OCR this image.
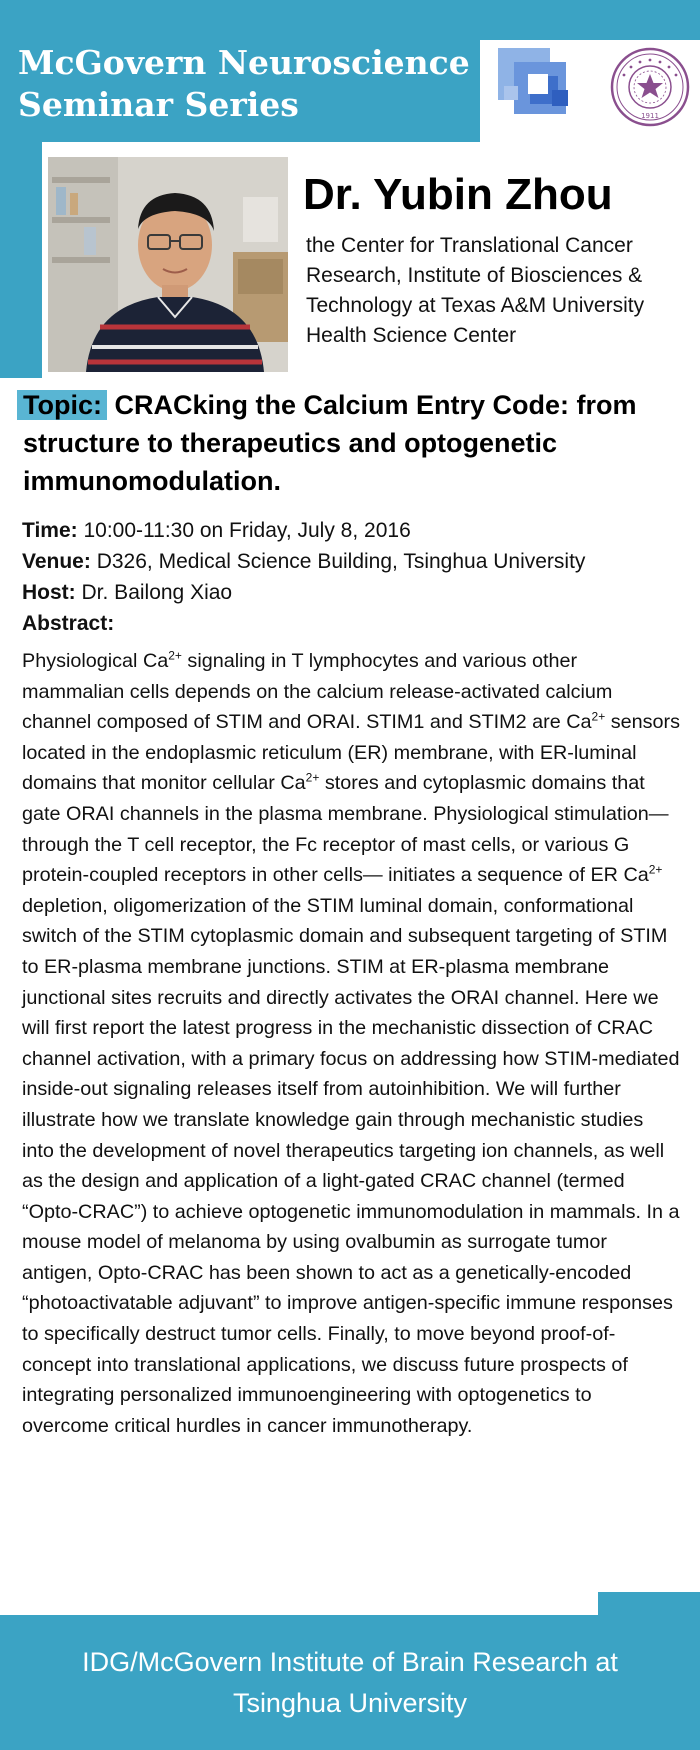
McGovern Neuroscience Seminar Series	1911
Dr. Yubin Zhou

the Center for Translational Cancer Research, Institute of Biosciences & Technology at Texas A&M University Health Science Center

Topic: CRACking the Calcium Entry Code: from structure to therapeutics and optogenetic immunomodulation.

Time: 10:00-11:30 on Friday, July 8, 2016

Venue: D326, Medical Science Building, Tsinghua University

Host: Dr. Bailong Xiao

Abstract:

Physiological $Ca^{2+}$ signaling in T lymphocytes and various other mammalian cells depends on the calcium release-activated calcium channel composed of STIM and ORAI. STIM1 and STIM2 are $Ca^{2+}$ sensors located in the endoplasmic reticulum (ER) membrane, with ER-luminal domains that monitor cellular $Ca^{2+}$ stores and cytoplasmic domains that gate ORAI channels in the plasma membrane. Physiological stimulation— through the T cell receptor, the Fc receptor of mast cells, or various G protein-coupled receptors in other cells— initiates a sequence of ER $Ca^{2+}$ depletion, oligomerization of the STIM luminal domain, conformational switch of the STIM cytoplasmic domain and subsequent targeting of STIM to ER-plasma membrane junctions. STIM at ER-plasma membrane junctional sites recruits and directly activates the ORAI channel. Here we will first report the latest progress in the mechanistic dissection of CRAC channel activation, with a primary focus on addressing how STIM-mediated inside-out signaling releases itself from autoinhibition. We will further illustrate how we translate knowledge gain through mechanistic studies into the development of novel therapeutics targeting ion channels, as well as the design and application of a light-gated CRAC channel (termed “Opto-CRAC”) to achieve optogenetic immunomodulation in mammals. In a mouse model of melanoma by using ovalbumin as surrogate tumor antigen, Opto-CRAC has been shown to act as a genetically-encoded “photoactivatable adjuvant” to improve antigen-specific immune responses to specifically destruct tumor cells. Finally, to move beyond proof-of-concept into translational applications, we discuss future prospects of integrating personalized immunoengineering with optogenetics to overcome critical hurdles in cancer immunotherapy.

IDG/McGovern Institute of Brain Research at
Tsinghua University
